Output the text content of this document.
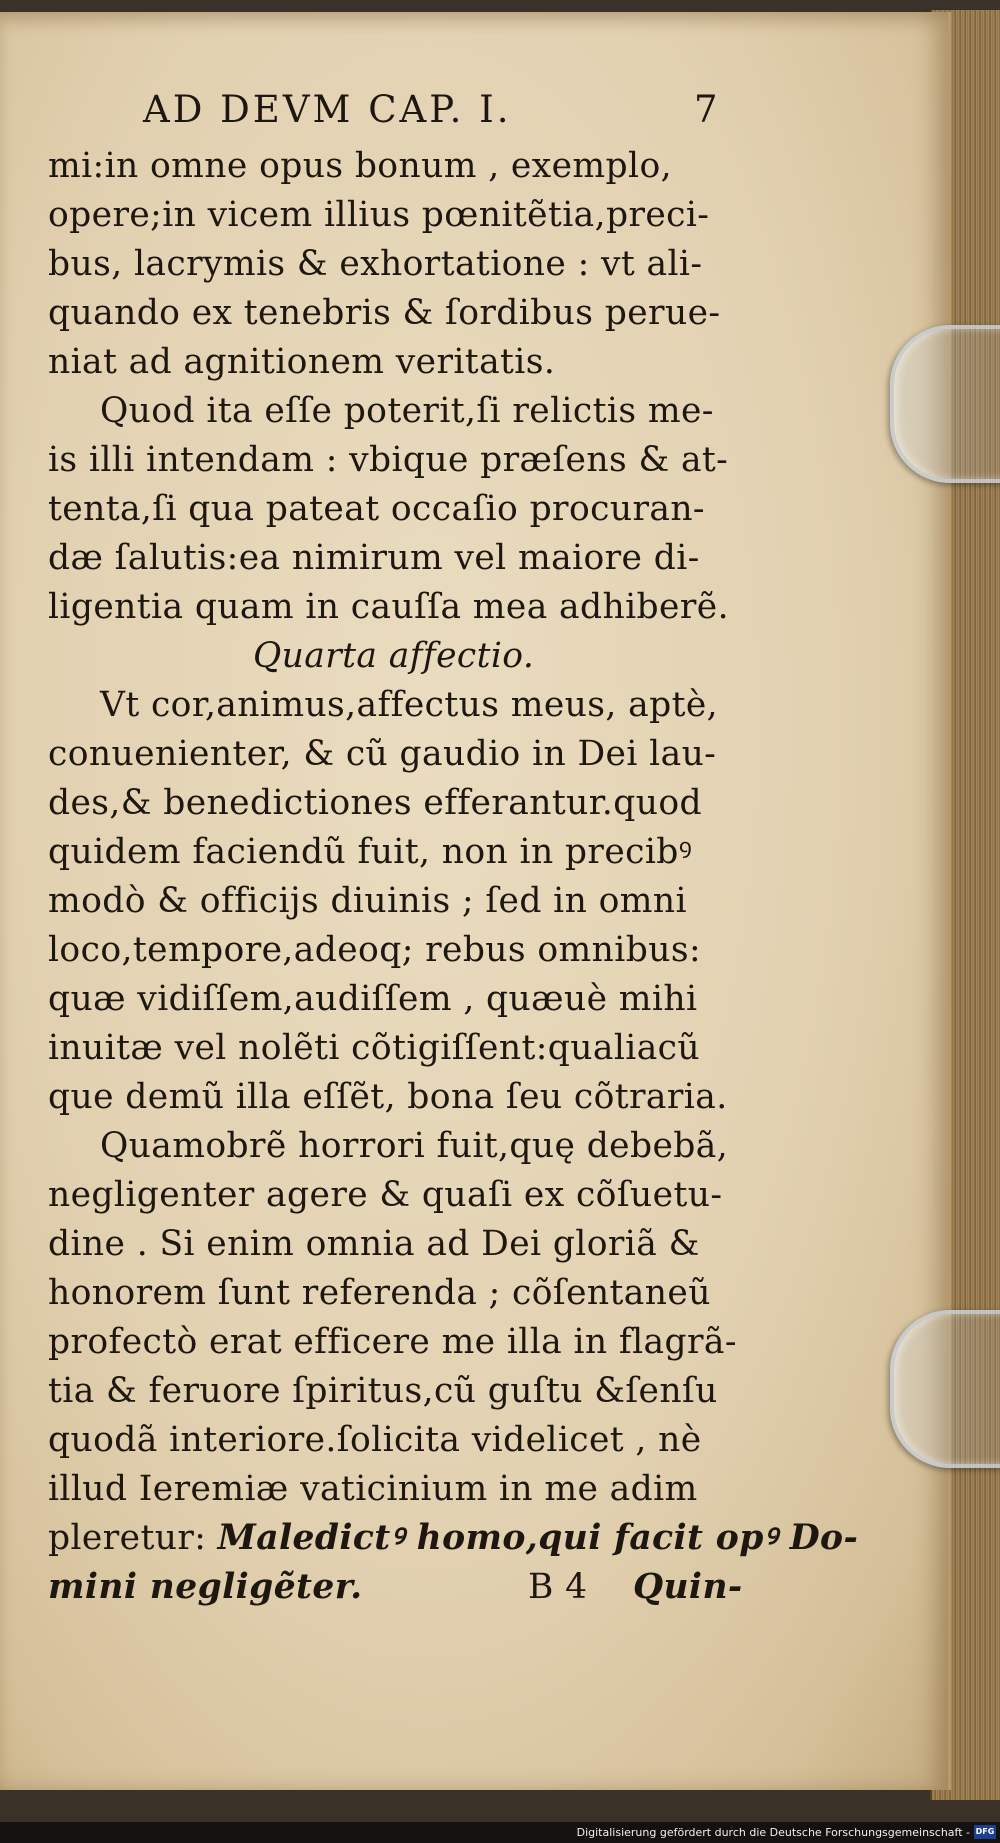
AD DEVM CAP. I.	7
mi:in omne opus bonum , exemplo,
opere;in vicem illius pœnitẽtia,preci-
bus, lacrymis & exhortatione : vt ali-
quando ex tenebris & ſordibus perue-
niat ad agnitionem veritatis.
Quod ita eſſe poterit,ſi relictis me-
is illi intendam : vbique præſens & at-
tenta,ſi qua pateat occaſio procuran-
dæ ſalutis:ea nimirum vel maiore di-
ligentia quam in cauſſa mea adhiberẽ.
Quarta affectio.
Vt cor,animus,affectus meus, aptè,
conuenienter, & cũ gaudio in Dei lau-
des,& benedictiones efferantur.quod
quidem faciendũ fuit, non in precibꝰ
modò & officijs diuinis ; ſed in omni
loco,tempore,adeoq; rebus omnibus:
quæ vidiſſem,audiſſem , quæuè mihi
inuitæ vel nolẽti cõtigiſſent:qualiacũ
que demũ illa eſſẽt, bona ſeu cõtraria.
Quamobrẽ horrori fuit,quę debebã,
negligenter agere & quaſi ex cõſuetu-
dine . Si enim omnia ad Dei gloriã &
honorem ſunt referenda ; cõſentaneũ
profectò erat efficere me illa in flagrã-
tia & feruore ſpiritus,cũ guſtu &ſenſu
quodã interiore.ſolicita videlicet , nè
illud Ieremiæ vaticinium in me adim
pleretur: Maledictꝰ homo,qui facit opꝰ Do-
mini negligẽter.	B 4 Quin-
Digitalisierung gefördert durch die Deutsche Forschungsgemeinschaft - DFG
